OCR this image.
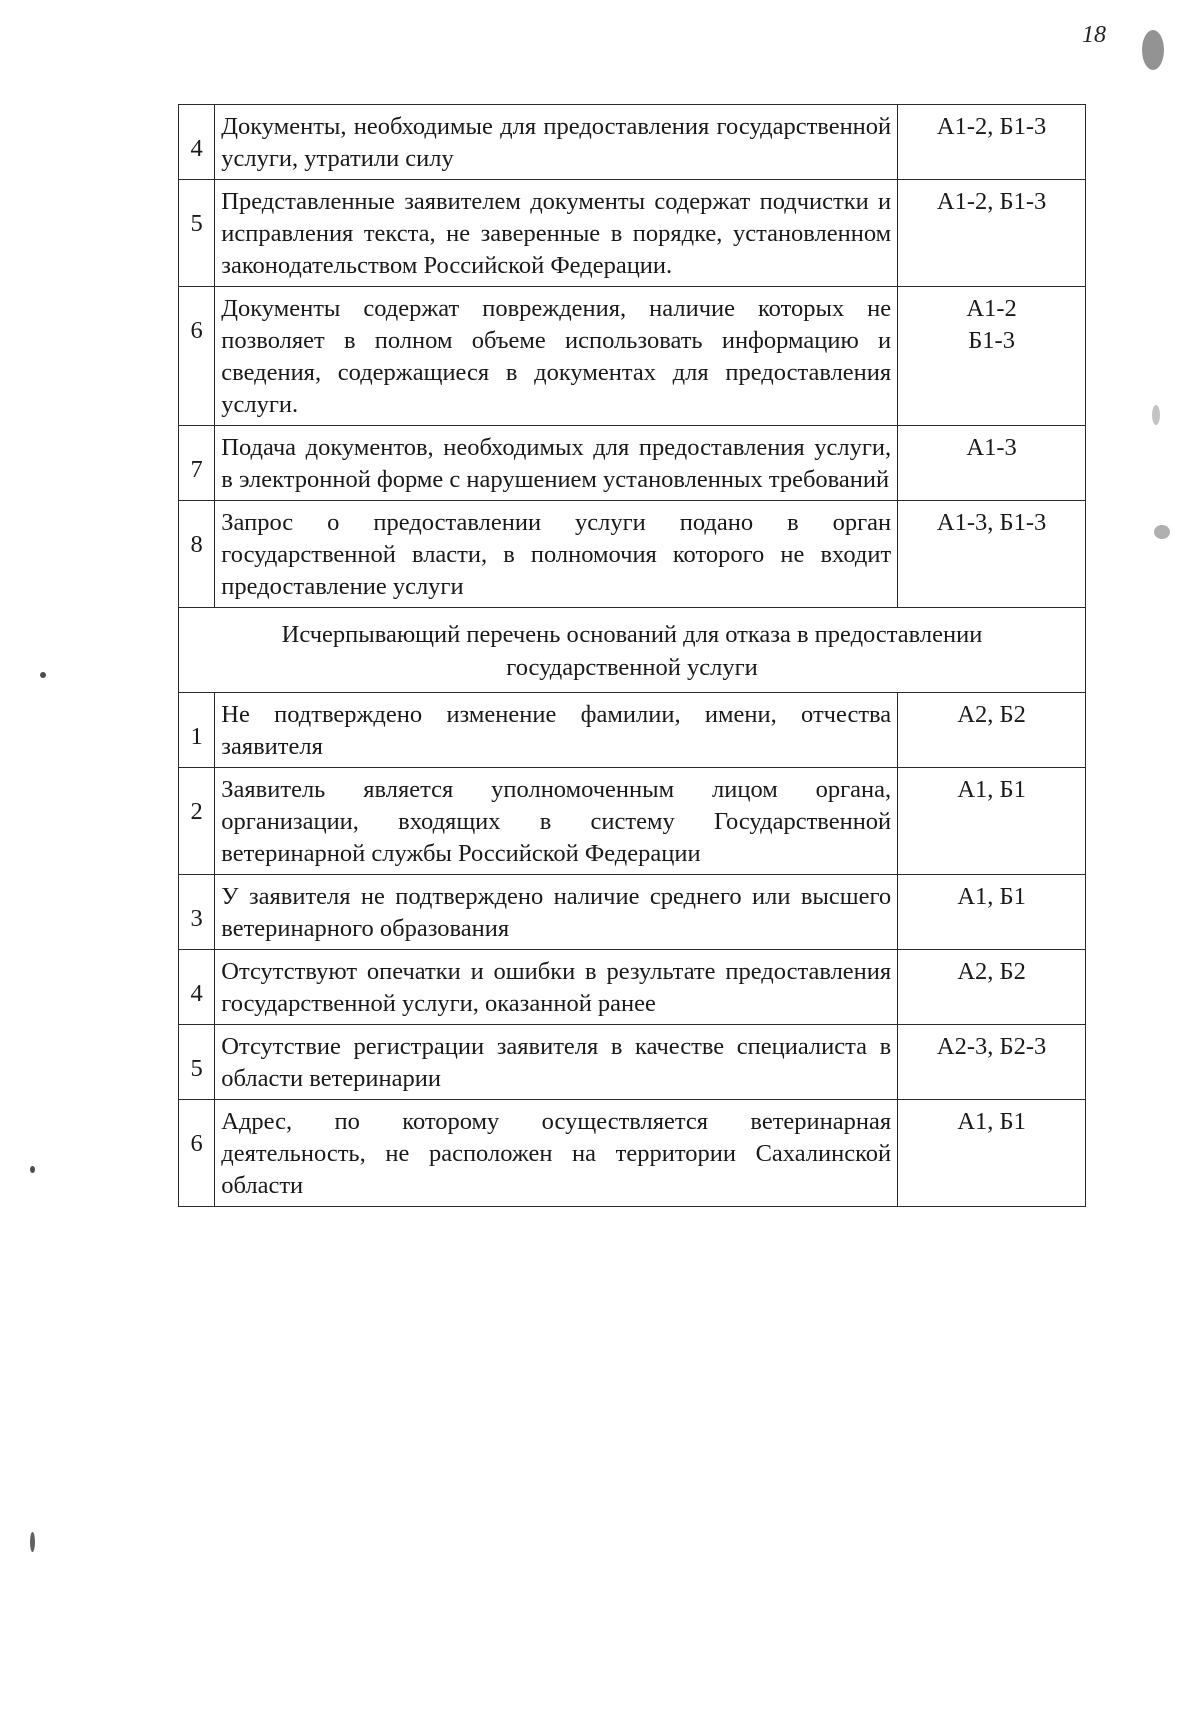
18
4	Документы, необходимые для предоставления государственной услуги, утратили силу	А1-2, Б1-3

5	Представленные заявителем документы содержат подчистки и исправления текста, не заверенные в порядке, установленном законодательством Российской Федерации.	А1-2, Б1-3

6	Документы содержат повреждения, наличие которых не позволяет в полном объеме использовать информацию и сведения, содержащиеся в документах для предоставления услуги.	А1-2
Б1-3

7	Подача документов, необходимых для предоставления услуги, в электронной форме с нарушением установленных требований	А1-3

8	Запрос о предоставлении услуги подано в орган государственной власти, в полномочия которого не входит предоставление услуги	А1-3, Б1-3

Исчерпывающий перечень оснований для отказа в предоставлении государственной услуги		
1	Не подтверждено изменение фамилии, имени, отчества заявителя	А2, Б2

2	Заявитель является уполномоченным лицом органа, организации, входящих в систему Государственной ветеринарной службы Российской Федерации	А1, Б1

3	У заявителя не подтверждено наличие среднего или высшего ветеринарного образования	А1, Б1

4	Отсутствуют опечатки и ошибки в результате предоставления государственной услуги, оказанной ранее	А2, Б2

5	Отсутствие регистрации заявителя в качестве специалиста в области ветеринарии	А2-3, Б2-3

6	Адрес, по которому осуществляется ветеринарная деятельность, не расположен на территории Сахалинской области	А1, Б1
